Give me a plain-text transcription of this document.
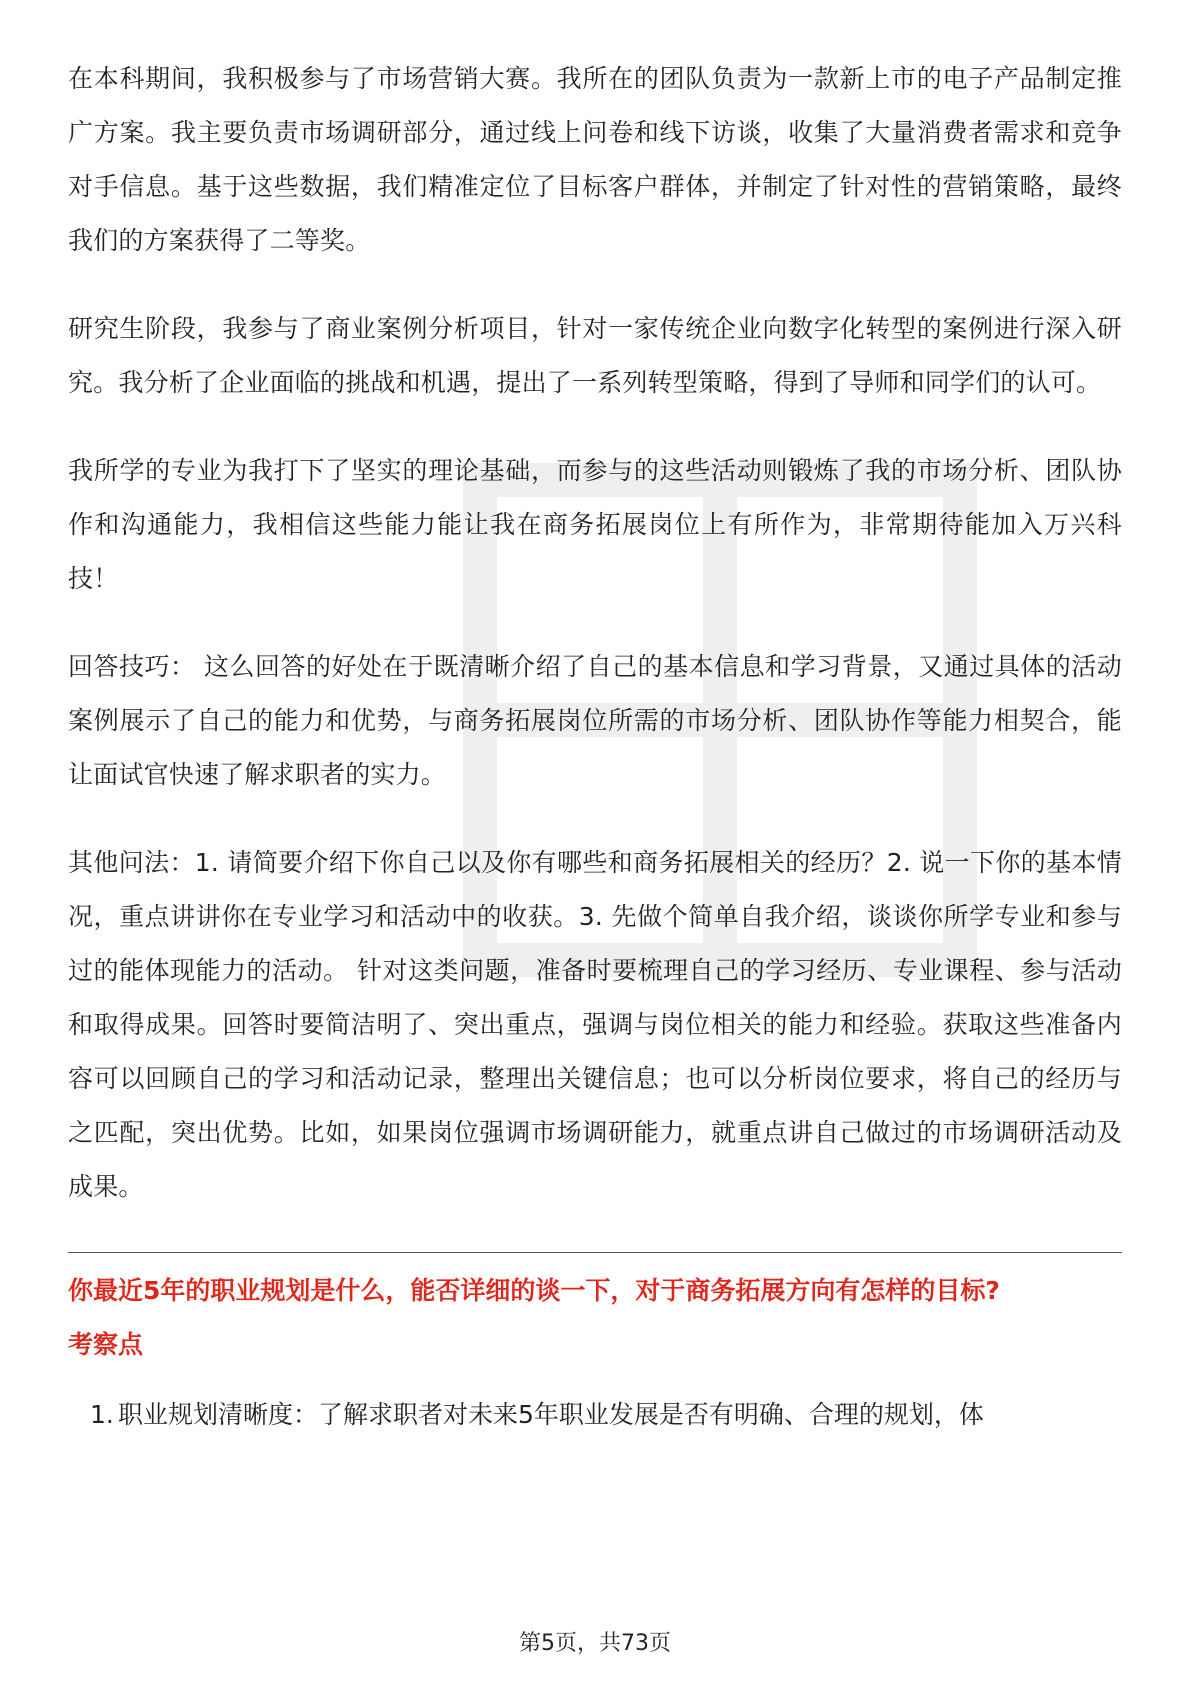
在本科期间，我积极参与了市场营销大赛。我所在的团队负责为一款新上市的电子产品制定推广方案。我主要负责市场调研部分，通过线上问卷和线下访谈，收集了大量消费者需求和竞争对手信息。基于这些数据，我们精准定位了目标客户群体，并制定了针对性的营销策略，最终我们的方案获得了二等奖。

研究生阶段，我参与了商业案例分析项目，针对一家传统企业向数字化转型的案例进行深入研究。我分析了企业面临的挑战和机遇，提出了一系列转型策略，得到了导师和同学们的认可。

我所学的专业为我打下了坚实的理论基础，而参与的这些活动则锻炼了我的市场分析、团队协作和沟通能力，我相信这些能力能让我在商务拓展岗位上有所作为，非常期待能加入万兴科技！

回答技巧： 这么回答的好处在于既清晰介绍了自己的基本信息和学习背景，又通过具体的活动案例展示了自己的能力和优势，与商务拓展岗位所需的市场分析、团队协作等能力相契合，能让面试官快速了解求职者的实力。

其他问法：1. 请简要介绍下你自己以及你有哪些和商务拓展相关的经历？2. 说一下你的基本情况，重点讲讲你在专业学习和活动中的收获。3. 先做个简单自我介绍，谈谈你所学专业和参与过的能体现能力的活动。 针对这类问题，准备时要梳理自己的学习经历、专业课程、参与活动和取得成果。回答时要简洁明了、突出重点，强调与岗位相关的能力和经验。获取这些准备内容可以回顾自己的学习和活动记录，整理出关键信息；也可以分析岗位要求，将自己的经历与之匹配，突出优势。比如，如果岗位强调市场调研能力，就重点讲自己做过的市场调研活动及成果。

你最近5年的职业规划是什么，能否详细的谈一下，对于商务拓展方向有怎样的目标?
考察点
1. 职业规划清晰度：了解求职者对未来5年职业发展是否有明确、合理的规划，体
第5页，共73页
